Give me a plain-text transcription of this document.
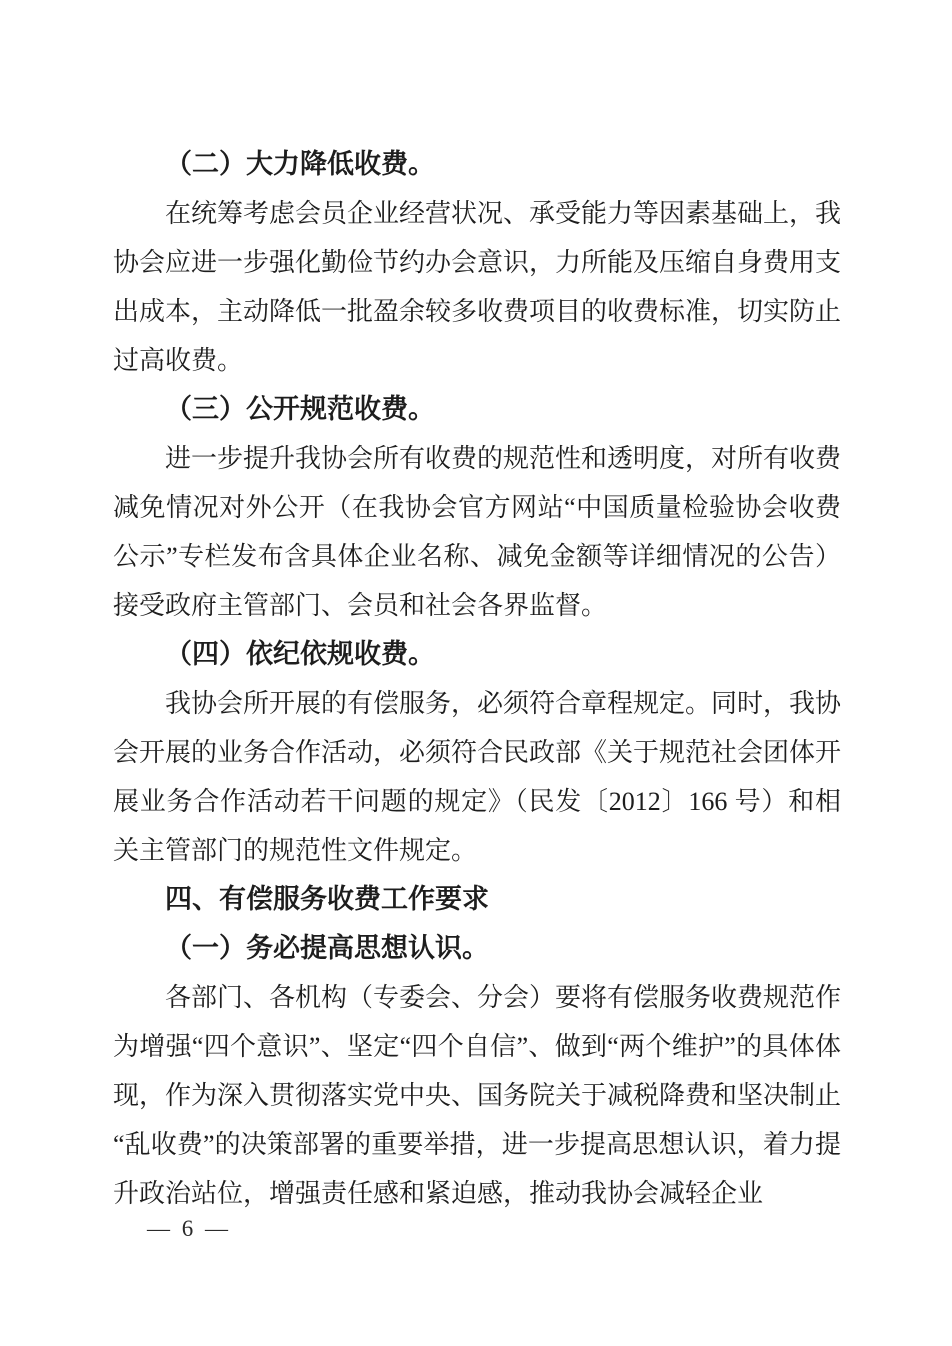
（二）大力降低收费。

在统筹考虑会员企业经营状况、承受能力等因素基础上，我协会应进一步强化勤俭节约办会意识，力所能及压缩自身费用支出成本，主动降低一批盈余较多收费项目的收费标准，切实防止过高收费。

（三）公开规范收费。

进一步提升我协会所有收费的规范性和透明度，对所有收费减免情况对外公开（在我协会官方网站“中国质量检验协会收费公示”专栏发布含具体企业名称、减免金额等详细情况的公告）接受政府主管部门、会员和社会各界监督。

（四）依纪依规收费。

我协会所开展的有偿服务，必须符合章程规定。同时，我协会开展的业务合作活动，必须符合民政部《关于规范社会团体开展业务合作活动若干问题的规定》（民发〔2012〕166 号）和相关主管部门的规范性文件规定。

四、有偿服务收费工作要求

（一）务必提高思想认识。

各部门、各机构（专委会、分会）要将有偿服务收费规范作为增强“四个意识”、坚定“四个自信”、做到“两个维护”的具体体现，作为深入贯彻落实党中央、国务院关于减税降费和坚决制止“乱收费”的决策部署的重要举措，进一步提高思想认识，着力提升政治站位，增强责任感和紧迫感，推动我协会减轻企业

— 6 —
